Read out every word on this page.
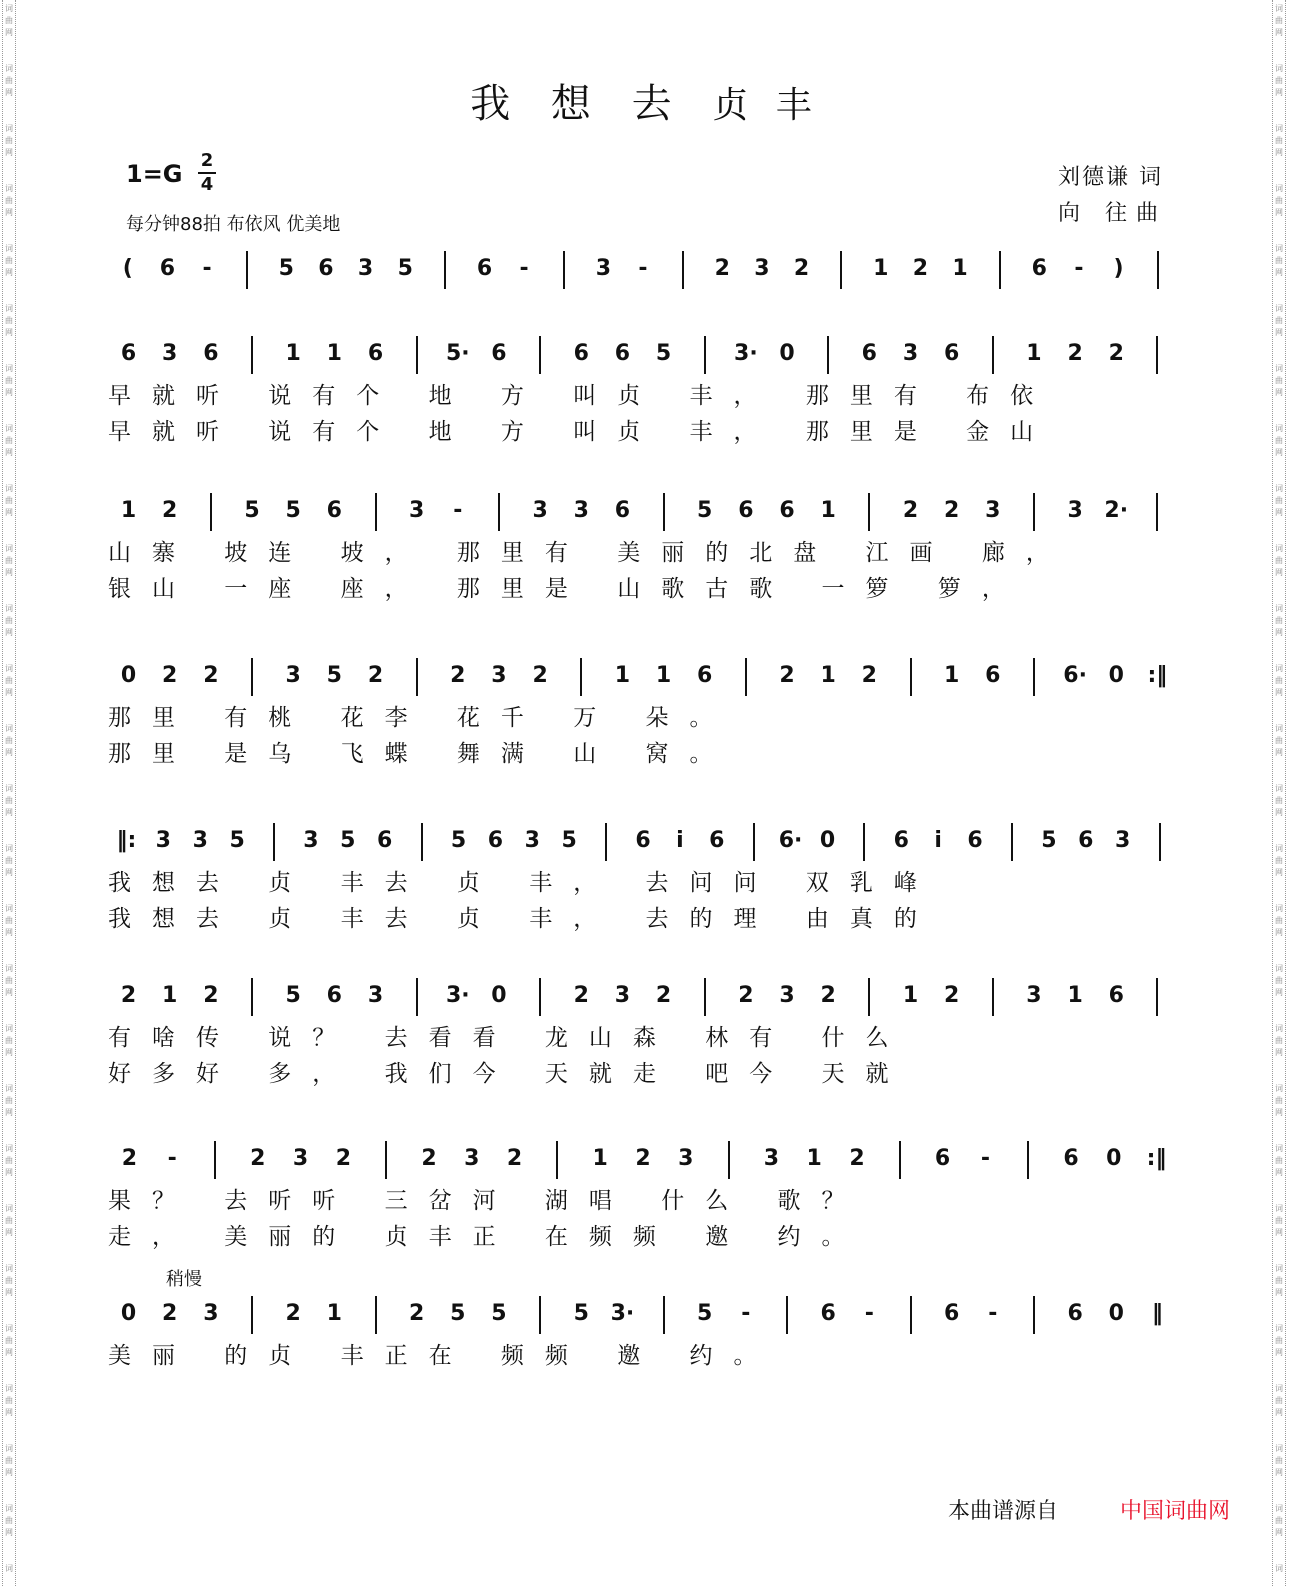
词
曲
网
词
曲
网
词
曲
网
词
曲
网
词
曲
网
词
曲
网
词
曲
网
词
曲
网
词
曲
网
词
曲
网
词
曲
网
词
曲
网
词
曲
网
词
曲
网
词
曲
网
词
曲
网
词
曲
网
词
曲
网
词
曲
网
词
曲
网
词
曲
网
词
曲
网
词
曲
网
词
曲
网
词
曲
网
词
曲
网
词
词
曲
网
词
曲
网
词
曲
网
词
曲
网
词
曲
网
词
曲
网
词
曲
网
词
曲
网
词
曲
网
词
曲
网
词
曲
网
词
曲
网
词
曲
网
词
曲
网
词
曲
网
词
曲
网
词
曲
网
词
曲
网
词
曲
网
词
曲
网
词
曲
网
词
曲
网
词
曲
网
词
曲
网
词
曲
网
词
曲
网
词
我 想 去 贞 丰
1=G 2
4
每分钟88拍 布依风 优美地
刘德谦 词
向 往曲
(	6	-	5	6	3	5	6	-	3	-	2	3	2	1	2	1	6	-	)
6	3	6	1	1	6	5· 6	6	6	5	3· 0	6	3	6	1	2	2
早就听 说有个 地 方 叫贞 丰， 那里有 布依
早就听 说有个 地 方 叫贞 丰， 那里是 金山
1	2	5	5	6	3	-	3	3	6	5	6	6	1	2	2	3	3 2·
山寨 坡连 坡， 那里有 美丽的北盘 江画 廊，
银山 一座 座， 那里是 山歌古歌 一箩 箩，
0	2	2	3	5	2	2	3	2	1	1	6	2	1	2	1	6	6· 0	:‖
那里 有桃 花李 花千 万 朵。
那里 是乌 飞蝶 舞满 山 窝。
‖: 3 3 5	3 5 6	5 6 3 5	6	i	6	6· 0	6	i	6	5 6 3
我想去 贞 丰去 贞 丰， 去问问 双乳峰
我想去 贞 丰去 贞 丰， 去的理 由真的
2	1	2	5	6	3	3· 0	2	3	2	2	3	2	1	2	3	1	6
有啥传 说？ 去看看 龙山森 林有 什么
好多好 多， 我们今 天就走 吧今 天就
2	-	2	3	2	2	3	2	1	2	3	3	1	2	6	-	6	0	:‖
果？ 去听听 三岔河 湖唱 什么 歌？
走， 美丽的 贞丰正 在频频 邀 约。
稍慢
0	2	3	2	1	2	5	5	5 3·	5	-	6	-	6	-	6	0	‖
美丽 的贞 丰正在 频频 邀 约。
本曲谱源自	中国词曲网
